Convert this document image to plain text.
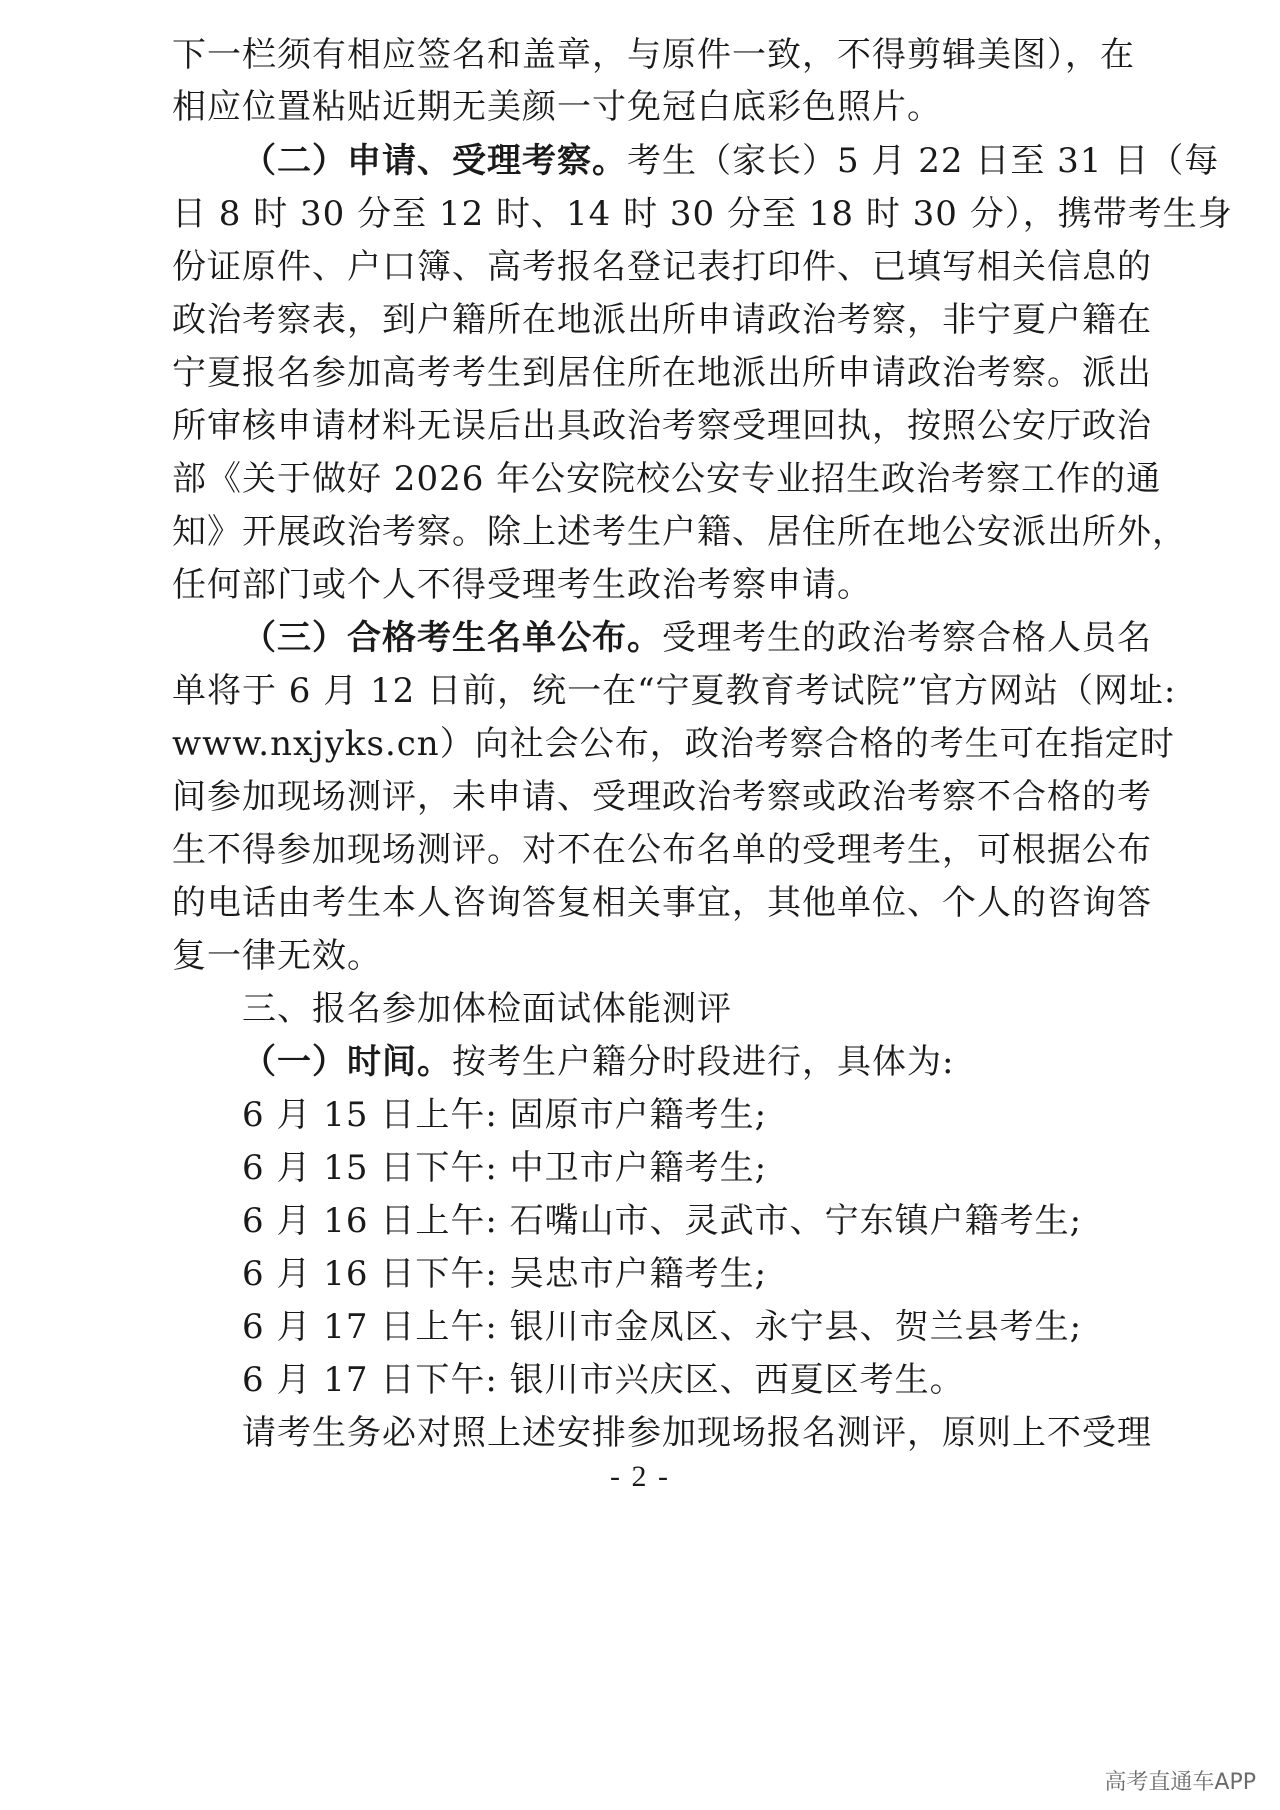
下一栏须有相应签名和盖章，与原件一致，不得剪辑美图），在
相应位置粘贴近期无美颜一寸免冠白底彩色照片。
（二）申请、受理考察。考生（家长）5 月 22 日至 31 日（每
日 8 时 30 分至 12 时、14 时 30 分至 18 时 30 分），携带考生身
份证原件、户口簿、高考报名登记表打印件、已填写相关信息的
政治考察表，到户籍所在地派出所申请政治考察，非宁夏户籍在
宁夏报名参加高考考生到居住所在地派出所申请政治考察。派出
所审核申请材料无误后出具政治考察受理回执，按照公安厅政治
部《关于做好 2026 年公安院校公安专业招生政治考察工作的通
知》开展政治考察。除上述考生户籍、居住所在地公安派出所外，
任何部门或个人不得受理考生政治考察申请。
（三）合格考生名单公布。受理考生的政治考察合格人员名
单将于 6 月 12 日前，统一在“宁夏教育考试院”官方网站（网址:
www.nxjyks.cn）向社会公布，政治考察合格的考生可在指定时
间参加现场测评，未申请、受理政治考察或政治考察不合格的考
生不得参加现场测评。对不在公布名单的受理考生，可根据公布
的电话由考生本人咨询答复相关事宜，其他单位、个人的咨询答
复一律无效。
三、报名参加体检面试体能测评
（一）时间。按考生户籍分时段进行，具体为:
6 月 15 日上午: 固原市户籍考生;
6 月 15 日下午: 中卫市户籍考生;
6 月 16 日上午: 石嘴山市、灵武市、宁东镇户籍考生;
6 月 16 日下午: 吴忠市户籍考生;
6 月 17 日上午: 银川市金凤区、永宁县、贺兰县考生;
6 月 17 日下午: 银川市兴庆区、西夏区考生。
请考生务必对照上述安排参加现场报名测评，原则上不受理
- 2 -
高考直通车APP
